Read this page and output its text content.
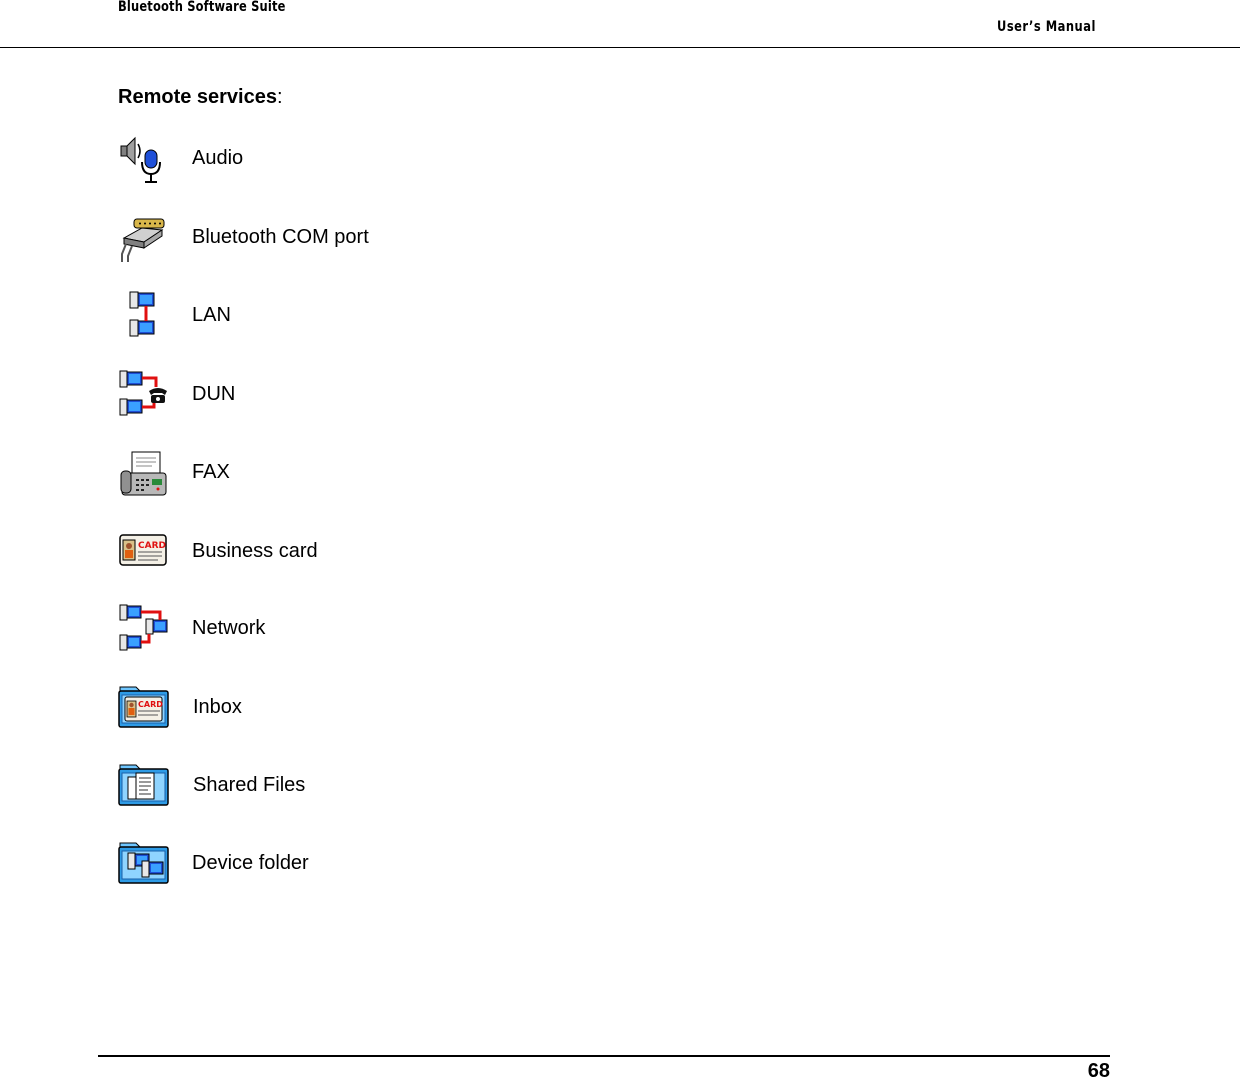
Bluetooth Software Suite
User’s Manual
Remote services:
Audio
Bluetooth COM port
LAN
DUN
FAX
CARD Business card
Network
CARD Inbox
Shared Files
Device folder
68
